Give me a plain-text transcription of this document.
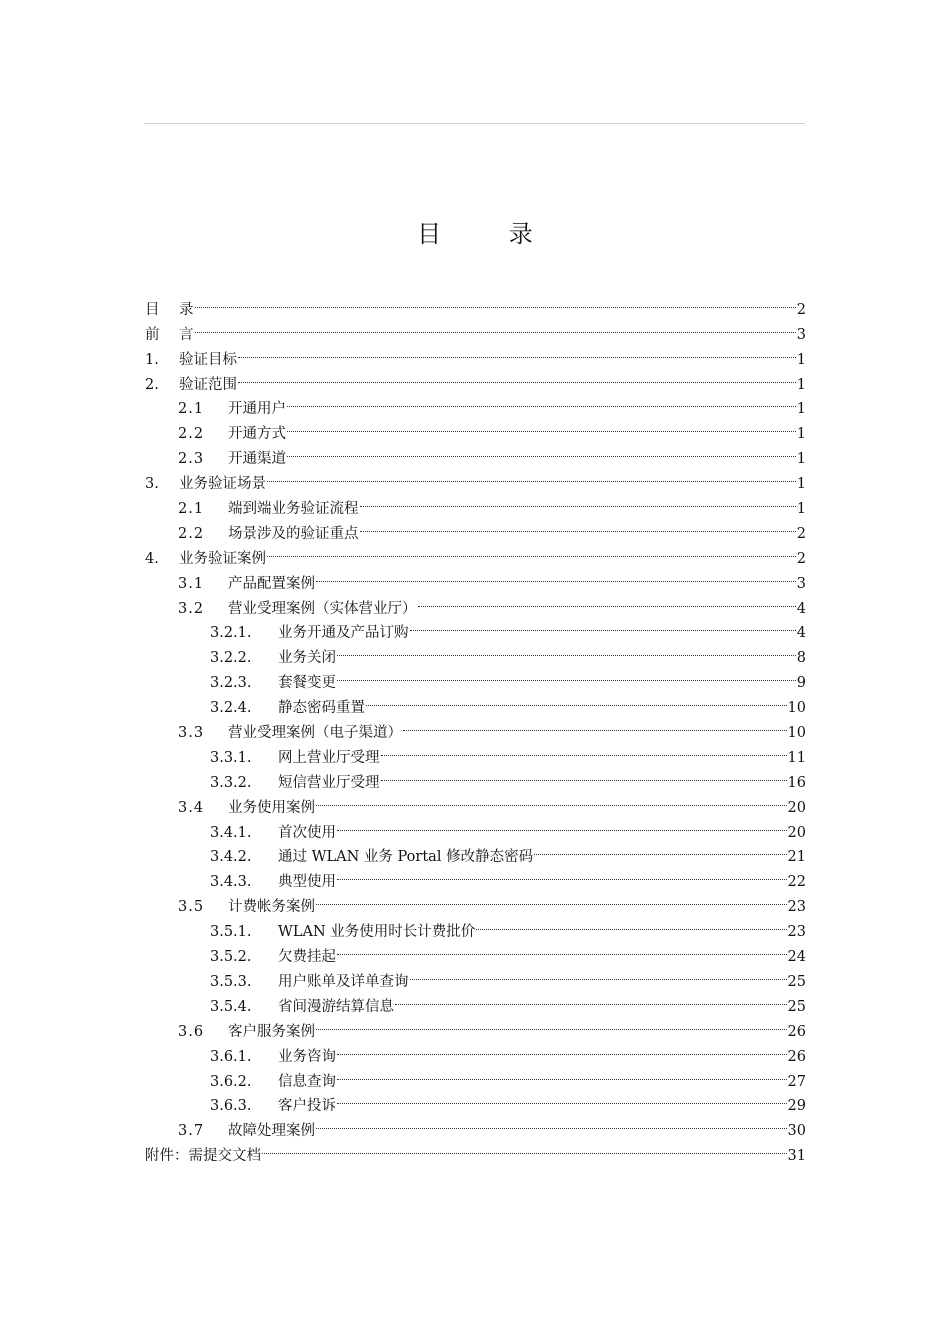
目 录
目	录	2
前	言	3
1.	验证目标	1
2.	验证范围	1
2.1	开通用户	1
2.2	开通方式	1
2.3	开通渠道	1
3.	业务验证场景	1
2.1	端到端业务验证流程	1
2.2	场景涉及的验证重点	2
4.	业务验证案例	2
3.1	产品配置案例	3
3.2	营业受理案例（实体营业厅）	4
3.2.1.	业务开通及产品订购	4
3.2.2.	业务关闭	8
3.2.3.	套餐变更	9
3.2.4.	静态密码重置	10
3.3	营业受理案例（电子渠道）	10
3.3.1.	网上营业厅受理	11
3.3.2.	短信营业厅受理	16
3.4	业务使用案例	20
3.4.1.	首次使用	20
3.4.2.	通过 WLAN 业务 Portal 修改静态密码	21
3.4.3.	典型使用	22
3.5	计费帐务案例	23
3.5.1.	WLAN 业务使用时长计费批价	23
3.5.2.	欠费挂起	24
3.5.3.	用户账单及详单查询	25
3.5.4.	省间漫游结算信息	25
3.6	客户服务案例	26
3.6.1.	业务咨询	26
3.6.2.	信息查询	27
3.6.3.	客户投诉	29
3.7	故障处理案例	30
附件：需提交文档	31
